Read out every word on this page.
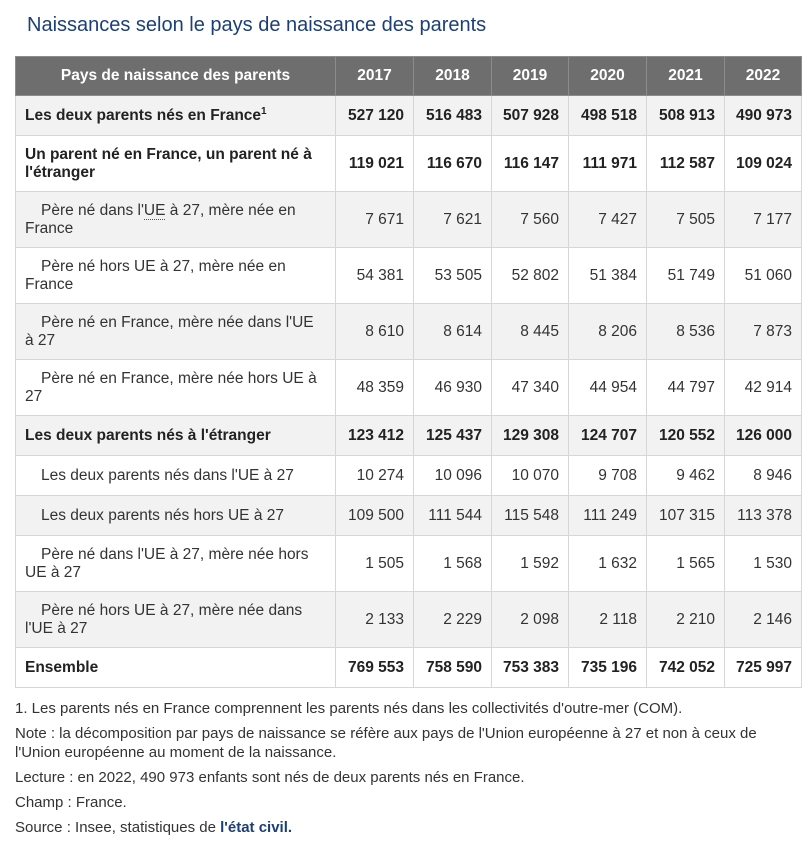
Naissances selon le pays de naissance des parents
Pays de naissance des parents	2017	2018	2019	2020	2021	2022
Les deux parents nés en France$^1$	527 120	516 483	507 928	498 518	508 913	490 973
Un parent né en France, un parent né à l'étranger	119 021	116 670	116 147	111 971	112 587	109 024
Père né dans l'UE à 27, mère née en France	7 671	7 621	7 560	7 427	7 505	7 177
Père né hors UE à 27, mère née en France	54 381	53 505	52 802	51 384	51 749	51 060
Père né en France, mère née dans l'UE à 27	8 610	8 614	8 445	8 206	8 536	7 873
Père né en France, mère née hors UE à 27	48 359	46 930	47 340	44 954	44 797	42 914
Les deux parents nés à l'étranger	123 412	125 437	129 308	124 707	120 552	126 000
Les deux parents nés dans l'UE à 27	10 274	10 096	10 070	9 708	9 462	8 946
Les deux parents nés hors UE à 27	109 500	111 544	115 548	111 249	107 315	113 378
Père né dans l'UE à 27, mère née hors UE à 27	1 505	1 568	1 592	1 632	1 565	1 530
Père né hors UE à 27, mère née dans l'UE à 27	2 133	2 229	2 098	2 118	2 210	2 146
Ensemble	769 553	758 590	753 383	735 196	742 052	725 997

1. Les parents nés en France comprennent les parents nés dans les collectivités d'outre-mer (COM).

Note : la décomposition par pays de naissance se réfère aux pays de l'Union européenne à 27 et non à ceux de l'Union européenne au moment de la naissance.

Lecture : en 2022, 490 973 enfants sont nés de deux parents nés en France.

Champ : France.

Source : Insee, statistiques de l'état civil.
